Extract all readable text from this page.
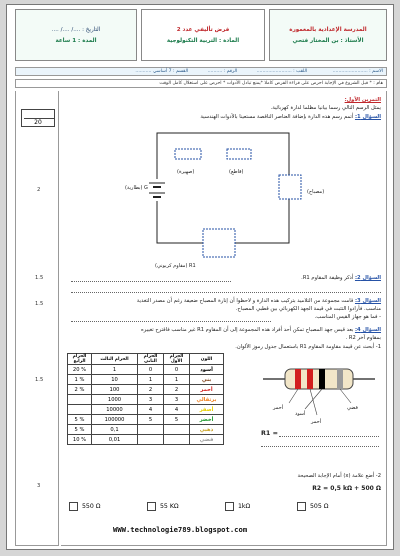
المدرسة الإعدادية بالمعمورة
الأستاذ : بن المختار فتحي
فرض تأليفي عدد 2
المادة : التربية التكنولوجية
التاريخ : ..../ ..../ ....
المدة : 1 ساعة
الاسم : ........................ اللقب : ........................ الرقم : .......... القسم : 7 أساسي ...........
هام : * قبل الشروع في الإجابة احرص على قراءة الفرض كاملا *يمنع تبادل الأدوات * احرص على استغلال كامل الوقت
20
2
1.5
1.5
1.5
3
التمرين الأول:
يمثل الرسم التالي رسما بيانيا مظلما لدارة كهربائية.
السؤال 1: أتمم رسم هذه الدارة بإضافة العناصر الناقصة مستعينا بالأدوات الهندسية
(بطارية) G
(صهيرة)	(قاطع)
(مصباح)
(مقاوم كربوني) R1
السؤال 2: أذكر وظيفة المقاوم R1.
السؤال 3: قامت مجموعة من التلاميذ بتركيب هذه الدارة و لاحظوا أن إنارة المصباح ضعيفة رغم أن مصدر التغذية
مناسب. فأرادوا التثبت في قيمة الجهد الكهربائي بين قطبي المصباح.
- فما هو جهاز القيس المناسب.
السؤال 4: بعد قيس جهد المصباح تمكن أحد أفراد هذه المجموعة إلى أن المقاوم R1 غير مناسب فاقترح تغييره
بمقاوم آخر R2 .
1- أبحث عن قيمة مقاومة المقاوم R1 باستعمال جدول رموز الألوان.
الحزام الرابع	الحزام الثالث	الحزام الثاني	الحزام الأول	اللون
20 %	1	0	0	أسود
1 %	10	1	1	بني
2 %	100	2	2	أحمر
	1000	3	3	برتقالي
	10000	4	4	أصفر
5 %	100000	5	5	أخضر
5 %	0,1			ذهبي
10 %	0,01			فضي
أحمر
أسود
أحمر
فضي
R1 =
2- أضع علامة (x) أمام الإجابة الصحيحة
R2 = 0,5 kΩ + 500 Ω
550 Ω	55 KΩ	1kΩ	505 Ω
WWW.technologie789.blogspot.com
